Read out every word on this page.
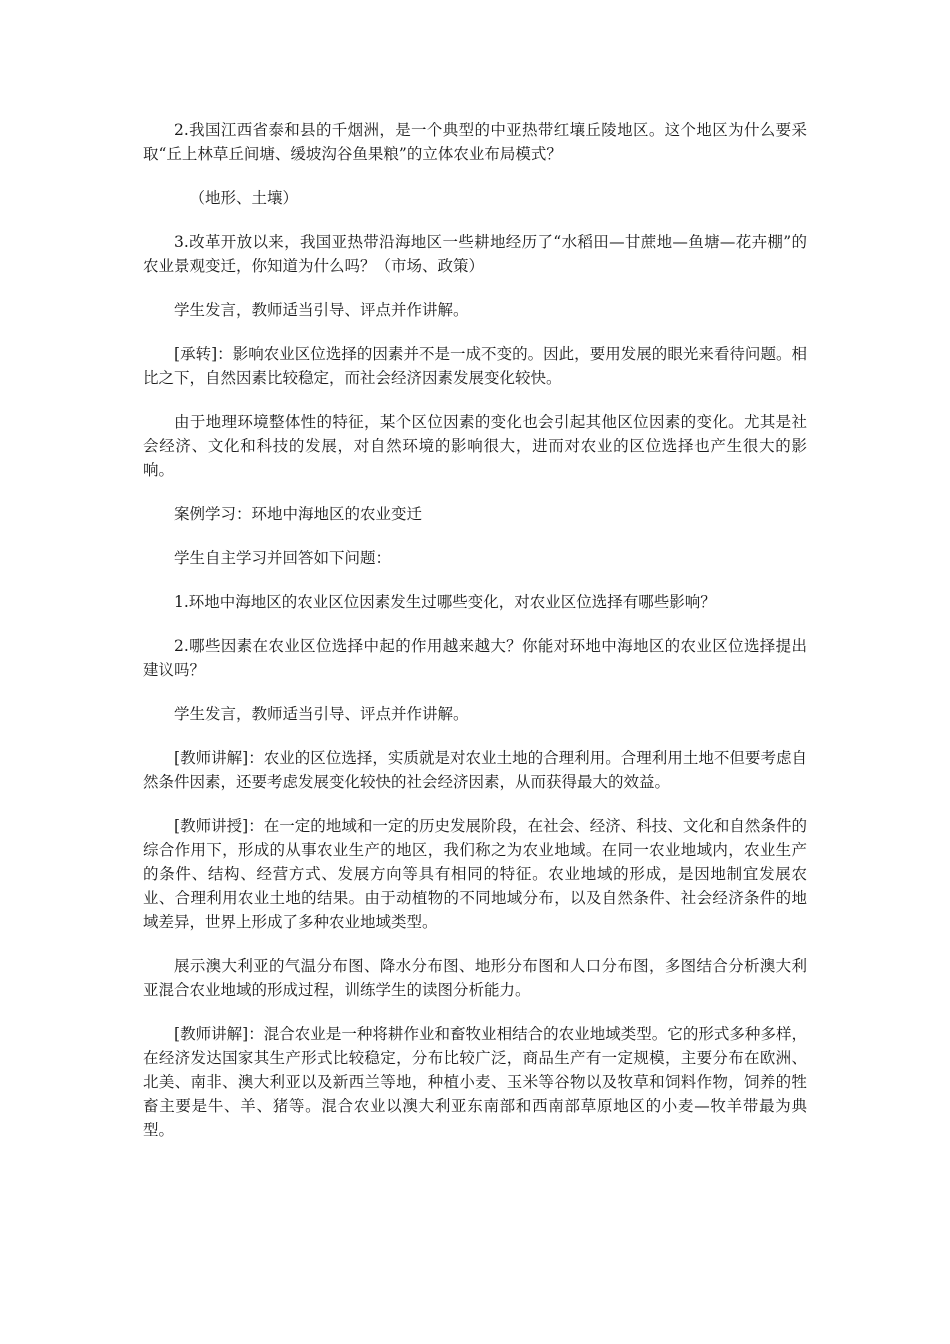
2.我国江西省泰和县的千烟洲，是一个典型的中亚热带红壤丘陵地区。这个地区为什么要采取“丘上林草丘间塘、缓坡沟谷鱼果粮”的立体农业布局模式？

（地形、土壤）

3.改革开放以来，我国亚热带沿海地区一些耕地经历了“水稻田—甘蔗地—鱼塘—花卉棚”的农业景观变迁，你知道为什么吗？（市场、政策）

学生发言，教师适当引导、评点并作讲解。

[承转]：影响农业区位选择的因素并不是一成不变的。因此，要用发展的眼光来看待问题。相比之下，自然因素比较稳定，而社会经济因素发展变化较快。

由于地理环境整体性的特征，某个区位因素的变化也会引起其他区位因素的变化。尤其是社会经济、文化和科技的发展，对自然环境的影响很大，进而对农业的区位选择也产生很大的影响。

案例学习：环地中海地区的农业变迁

学生自主学习并回答如下问题：

1.环地中海地区的农业区位因素发生过哪些变化，对农业区位选择有哪些影响？

2.哪些因素在农业区位选择中起的作用越来越大？你能对环地中海地区的农业区位选择提出建议吗？

学生发言，教师适当引导、评点并作讲解。

[教师讲解]：农业的区位选择，实质就是对农业土地的合理利用。合理利用土地不但要考虑自然条件因素，还要考虑发展变化较快的社会经济因素，从而获得最大的效益。

[教师讲授]：在一定的地域和一定的历史发展阶段，在社会、经济、科技、文化和自然条件的综合作用下，形成的从事农业生产的地区，我们称之为农业地域。在同一农业地域内，农业生产的条件、结构、经营方式、发展方向等具有相同的特征。农业地域的形成，是因地制宜发展农业、合理利用农业土地的结果。由于动植物的不同地域分布，以及自然条件、社会经济条件的地域差异，世界上形成了多种农业地域类型。

展示澳大利亚的气温分布图、降水分布图、地形分布图和人口分布图，多图结合分析澳大利亚混合农业地域的形成过程，训练学生的读图分析能力。

[教师讲解]：混合农业是一种将耕作业和畜牧业相结合的农业地域类型。它的形式多种多样，在经济发达国家其生产形式比较稳定，分布比较广泛，商品生产有一定规模，主要分布在欧洲、北美、南非、澳大利亚以及新西兰等地，种植小麦、玉米等谷物以及牧草和饲料作物，饲养的牲畜主要是牛、羊、猪等。混合农业以澳大利亚东南部和西南部草原地区的小麦—牧羊带最为典型。
